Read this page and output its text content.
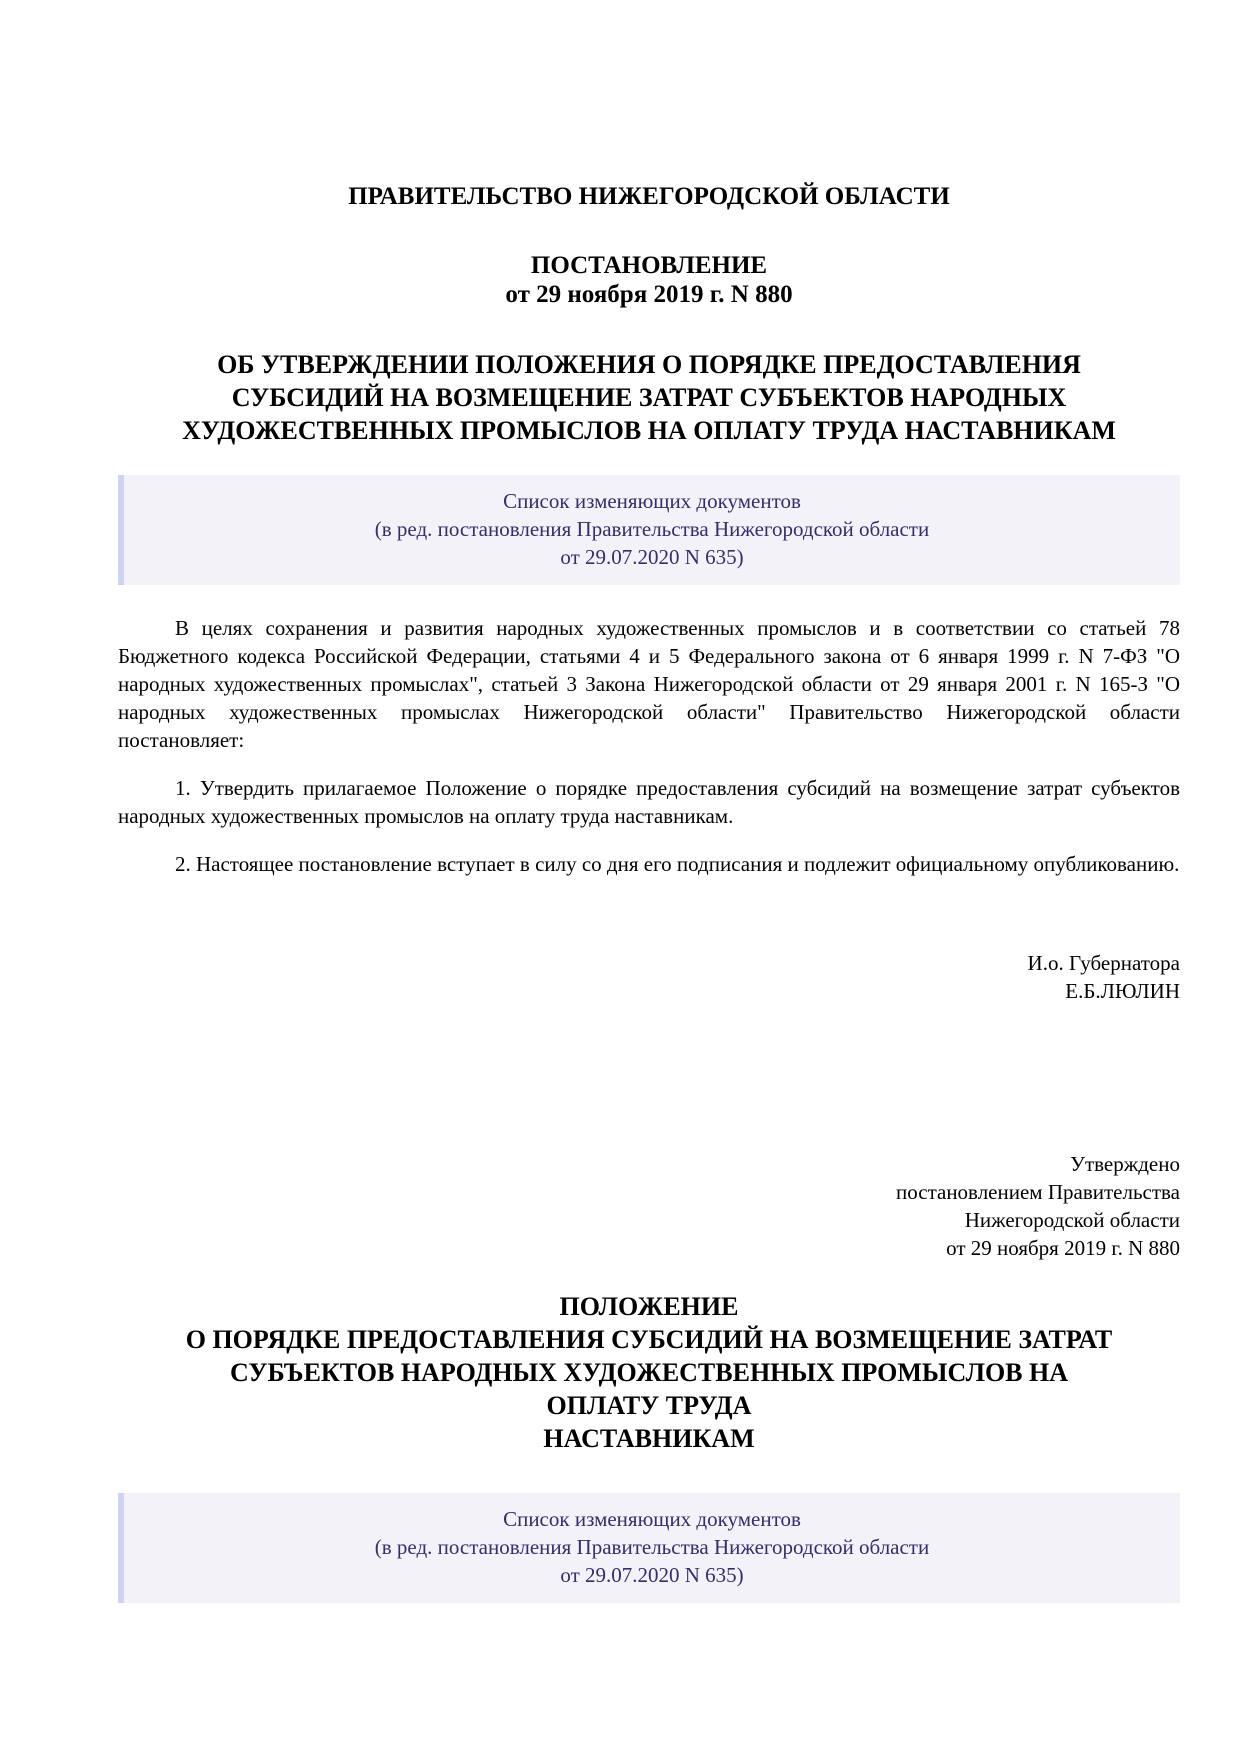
ПРАВИТЕЛЬСТВО НИЖЕГОРОДСКОЙ ОБЛАСТИ

ПОСТАНОВЛЕНИЕ

от 29 ноября 2019 г. N 880

ОБ УТВЕРЖДЕНИИ ПОЛОЖЕНИЯ О ПОРЯДКЕ ПРЕДОСТАВЛЕНИЯ

СУБСИДИЙ НА ВОЗМЕЩЕНИЕ ЗАТРАТ СУБЪЕКТОВ НАРОДНЫХ

ХУДОЖЕСТВЕННЫХ ПРОМЫСЛОВ НА ОПЛАТУ ТРУДА НАСТАВНИКАМ

Список изменяющих документов
(в ред. постановления Правительства Нижегородской области
от 29.07.2020 N 635)

В целях сохранения и развития народных художественных промыслов и в соответствии со статьей 78 Бюджетного кодекса Российской Федерации, статьями 4 и 5 Федерального закона от 6 января 1999 г. N 7-ФЗ "О народных художественных промыслах", статьей 3 Закона Нижегородской области от 29 января 2001 г. N 165-З "О народных художественных промыслах Нижегородской области" Правительство Нижегородской области постановляет:

1. Утвердить прилагаемое Положение о порядке предоставления субсидий на возмещение затрат субъектов народных художественных промыслов на оплату труда наставникам.

2. Настоящее постановление вступает в силу со дня его подписания и подлежит официальному опубликованию.

И.о. Губернатора
Е.Б.ЛЮЛИН
Утверждено
постановлением Правительства
Нижегородской области
от 29 ноября 2019 г. N 880

ПОЛОЖЕНИЕ

О ПОРЯДКЕ ПРЕДОСТАВЛЕНИЯ СУБСИДИЙ НА ВОЗМЕЩЕНИЕ ЗАТРАТ

СУБЪЕКТОВ НАРОДНЫХ ХУДОЖЕСТВЕННЫХ ПРОМЫСЛОВ НА

ОПЛАТУ ТРУДА

НАСТАВНИКАМ

Список изменяющих документов
(в ред. постановления Правительства Нижегородской области
от 29.07.2020 N 635)
